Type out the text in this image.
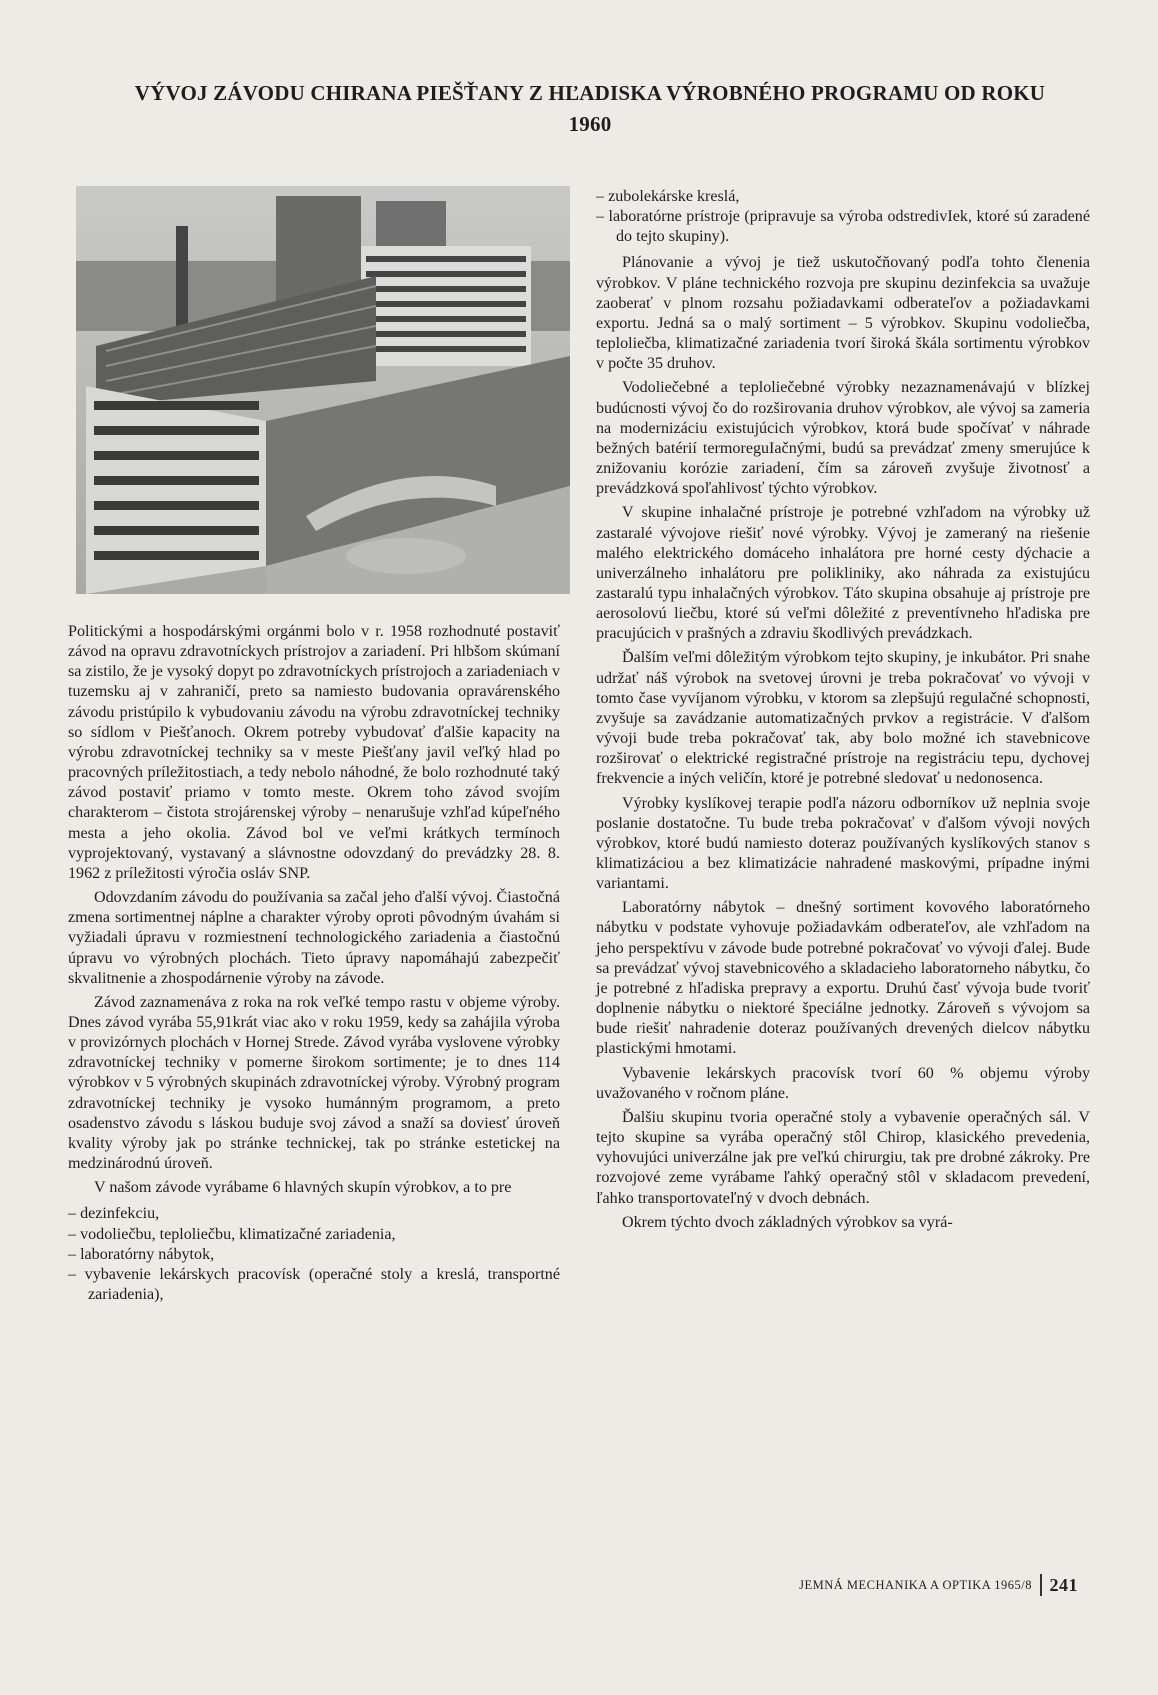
VÝVOJ ZÁVODU CHIRANA PIEŠŤANY Z HĽADISKA VÝROBNÉHO PROGRAMU OD ROKU 1960

Politickými a hospodárskými orgánmi bolo v r. 1958 rozhodnuté postaviť závod na opravu zdravotníckych prístrojov a zariadení. Pri hlbšom skúmaní sa zistilo, že je vysoký dopyt po zdravotníckych prístrojoch a zariadeniach v tuzemsku aj v zahraničí, preto sa namiesto budovania opravárenského závodu pristúpilo k vybudovaniu závodu na výrobu zdravotníckej techniky so sídlom v Piešťanoch. Okrem potreby vybudovať ďalšie kapacity na výrobu zdravotníckej techniky sa v meste Piešťany javil veľký hlad po pracovných príležitostiach, a tedy nebolo náhodné, že bolo rozhodnuté taký závod postaviť priamo v tomto meste. Okrem toho závod svojím charakterom – čistota strojárenskej výroby – nenarušuje vzhľad kúpeľného mesta a jeho okolia. Závod bol ve veľmi krátkych termínoch vyprojektovaný, vystavaný a slávnostne odovzdaný do prevádzky 28. 8. 1962 z príležitosti výročia osláv SNP.

Odovzdaním závodu do používania sa začal jeho ďalší vývoj. Čiastočná zmena sortimentnej náplne a charakter výroby oproti pôvodným úvahám si vyžiadali úpravu v rozmiestnení technologického zariadenia a čiastočnú úpravu vo výrobných plochách. Tieto úpravy napomáhajú zabezpečiť skvalitnenie a zhospodárnenie výroby na závode.

Závod zaznamenáva z roka na rok veľké tempo rastu v objeme výroby. Dnes závod vyrába 55,91krát viac ako v roku 1959, kedy sa zahájila výroba v provizórnych plochách v Hornej Strede. Závod vyrába vyslovene výrobky zdravotníckej techniky v pomerne širokom sortimente; je to dnes 114 výrobkov v 5 výrobných skupinách zdravotníckej výroby. Výrobný program zdravotníckej techniky je vysoko humánným programom, a preto osadenstvo závodu s láskou buduje svoj závod a snaží sa doviesť úroveň kvality výroby jak po stránke technickej, tak po stránke estetickej na medzinárodnú úroveň.

V našom závode vyrábame 6 hlavných skupín výrobkov, a to pre

– dezinfekciu,
– vodoliečbu, teploliečbu, klimatizačné zariadenia,
– laboratórny nábytok,
– vybavenie lekárskych pracovísk (operačné stoly a kreslá, transportné zariadenia),
– zubolekárske kreslá,
– laboratórne prístroje (pripravuje sa výroba odstredivIek, ktoré sú zaradené do tejto skupiny).

Plánovanie a vývoj je tiež uskutočňovaný podľa tohto členenia výrobkov. V pláne technického rozvoja pre skupinu dezinfekcia sa uvažuje zaoberať v plnom rozsahu požiadavkami odberateľov a požiadavkami exportu. Jedná sa o malý sortiment – 5 výrobkov. Skupinu vodoliečba, teploliečba, klimatizačné zariadenia tvorí široká škála sortimentu výrobkov v počte 35 druhov.

Vodoliečebné a teploliečebné výrobky nezaznamenávajú v blízkej budúcnosti vývoj čo do rozširovania druhov výrobkov, ale vývoj sa zameria na modernizáciu existujúcich výrobkov, ktorá bude spočívať v náhrade bežných batérií termoreguIačnými, budú sa prevádzať zmeny smerujúce k znižovaniu korózie zariadení, čím sa zároveň zvyšuje životnosť a prevádzková spoľahlivosť týchto výrobkov.

V skupine inhalačné prístroje je potrebné vzhľadom na výrobky už zastaralé vývojove riešiť nové výrobky. Vývoj je zameraný na riešenie malého elektrického domáceho inhalátora pre horné cesty dýchacie a univerzálneho inhalátoru pre polikliniky, ako náhrada za existujúcu zastaralú typu inhalačných výrobkov. Táto skupina obsahuje aj prístroje pre aerosolovú liečbu, ktoré sú veľmi dôležité z preventívneho hľadiska pre pracujúcich v prašných a zdraviu škodlivých prevádzkach.

Ďalším veľmi dôležitým výrobkom tejto skupiny, je inkubátor. Pri snahe udržať náš výrobok na svetovej úrovni je treba pokračovať vo vývoji v tomto čase vyvíjanom výrobku, v ktorom sa zlepšujú regulačné schopnosti, zvyšuje sa zavádzanie automatizačných prvkov a registrácie. V ďalšom vývoji bude treba pokračovať tak, aby bolo možné ich stavebnicove rozširovať o elektrické registračné prístroje na registráciu tepu, dychovej frekvencie a iných veličín, ktoré je potrebné sledovať u nedonosenca.

Výrobky kyslíkovej terapie podľa názoru odborníkov už neplnia svoje poslanie dostatočne. Tu bude treba pokračovať v ďalšom vývoji nových výrobkov, ktoré budú namiesto doteraz používaných kyslíkových stanov s klimatizáciou a bez klimatizácie nahradené maskovými, prípadne inými variantami.

Laboratórny nábytok – dnešný sortiment kovového laboratórneho nábytku v podstate vyhovuje požiadavkám odberateľov, ale vzhľadom na jeho perspektívu v závode bude potrebné pokračovať vo vývoji ďalej. Bude sa prevádzať vývoj stavebnicového a skladacieho laboratorneho nábytku, čo je potrebné z hľadiska prepravy a exportu. Druhú časť vývoja bude tvoriť doplnenie nábytku o niektoré špeciálne jednotky. Zároveň s vývojom sa bude riešiť nahradenie doteraz používaných drevených dielcov nábytku plastickými hmotami.

Vybavenie lekárskych pracovísk tvorí 60 % objemu výroby uvažovaného v ročnom pláne.

Ďalšiu skupinu tvoria operačné stoly a vybavenie operačných sál. V tejto skupine sa vyrába operačný stôl Chirop, klasického prevedenia, vyhovujúci univerzálne jak pre veľkú chirurgiu, tak pre drobné zákroky. Pre rozvojové zeme vyrábame ľahký operačný stôl v skladacom prevedení, ľahko transportovateľný v dvoch debnách.

Okrem týchto dvoch základných výrobkov sa vyrá-

JEMNÁ MECHANIKA A OPTIKA 1965/8 241
